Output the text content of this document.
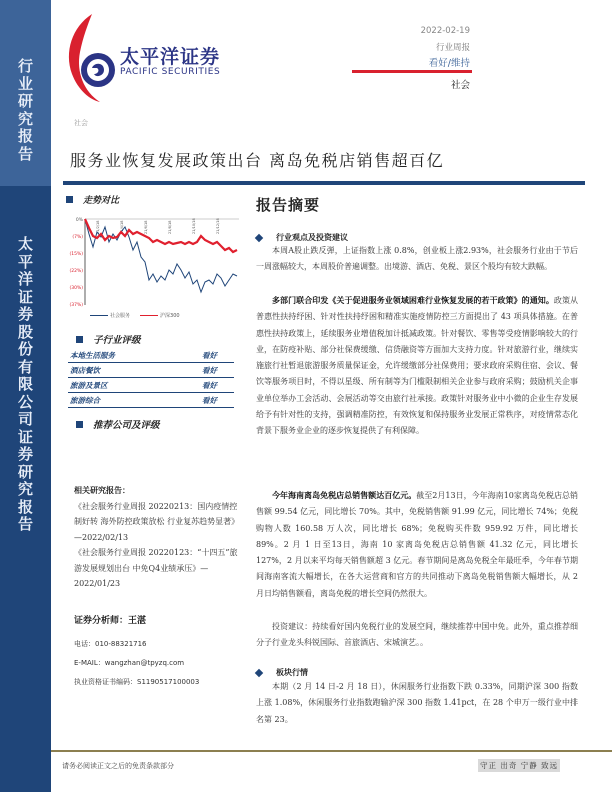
行
业
研
究
报
告
太
平
洋
证
券
股
份
有
限
公
司
证
券
研
究
报
告
太平洋证券
PACIFIC SECURITIES
2022-02-19
行业周报
看好/维持
社会
社会
服务业恢复发展政策出台 离岛免税店销售超百亿
走势对比
0%
(7%)
(15%)
(22%)
(30%)
(37%)
21/2/18	21/4/18	21/6/18	21/8/18	21/10/18	21/12/18
社会服务	沪深300
子行业评级
本地生活服务	看好
酒店餐饮	看好
旅游及景区	看好
旅游综合	看好
推荐公司及评级
相关研究报告：
《社会服务行业周报 20220213：国内疫情控制好转 海外防控政策放松 行业复苏趋势显著》—2022/02/13
《社会服务行业周报 20220123：“十四五”旅游发展规划出台 中免Q4业绩承压》—2022/01/23
证券分析师：王湛
电话：010-88321716
E-MAIL：wangzhan@tpyzq.com
执业资格证书编码：S1190517100003
报告摘要
行业观点及投资建议
本周A股止跌反弹，上证指数上涨 0.8%，创业板上涨2.93%，社会服务行业由于节后一周涨幅较大，本周股价普遍调整。出境游、酒店、免税、景区个股均有较大跌幅。
多部门联合印发《关于促进服务业领域困难行业恢复发展的若干政策》的通知。政策从普惠性扶持纾困、针对性扶持纾困和精准实施疫情防控三方面提出了 43 项具体措施。在普惠性扶持政策上，延续服务业增值税加计抵减政策。针对餐饮、零售等受疫情影响较大的行业，在防疫补贴、部分社保费缓缴、信贷融资等方面加大支持力度。针对旅游行业，继续实施旅行社暂退旅游服务质量保证金，允许缓缴部分社保费用；要求政府采购住宿、会议、餐饮等服务项目时，不得以星级、所有制等为门槛限制相关企业参与政府采购；鼓励机关企事业单位举办工会活动、会展活动等交由旅行社承接。政策针对服务业中小微的企业生存发展给予有针对性的支持，强调精准防控，有效恢复和保持服务业发展正常秩序，对疫情常态化背景下服务业企业的逐步恢复提供了有利保障。
今年海南离岛免税店总销售额达百亿元。截至2月13日，今年海南10家离岛免税店总销售额 99.54 亿元，同比增长 70%。其中，免税销售额 91.99 亿元，同比增长 74%；免税购物人数 160.58 万人次，同比增长 68%；免税购买件数 959.92 万件，同比增长 89%。2 月 1 日至13日，海南 10 家离岛免税店总销售额 41.32 亿元，同比增长 127%，2 月以来平均每天销售额超 3 亿元。春节期间是离岛免税全年最旺季，今年春节期间海南客流大幅增长，在各大运营商和官方的共同推动下离岛免税销售额大幅增长，从 2 月日均销售额看，离岛免税的增长空间仍然很大。
投资建议：持续看好国内免税行业的发展空间，继续推荐中国中免。此外，重点推荐细分子行业龙头科锐国际、首旅酒店、宋城演艺。。
板块行情
本期（2 月 14 日-2 月 18 日），休闲服务行业指数下跌 0.33%，同期沪深 300 指数上涨 1.08%，休闲服务行业指数跑输沪深 300 指数 1.41pct，在 28 个申万一级行业中排名第 23。
请务必阅读正文之后的免责条款部分	守正 出奇 宁静 致远
